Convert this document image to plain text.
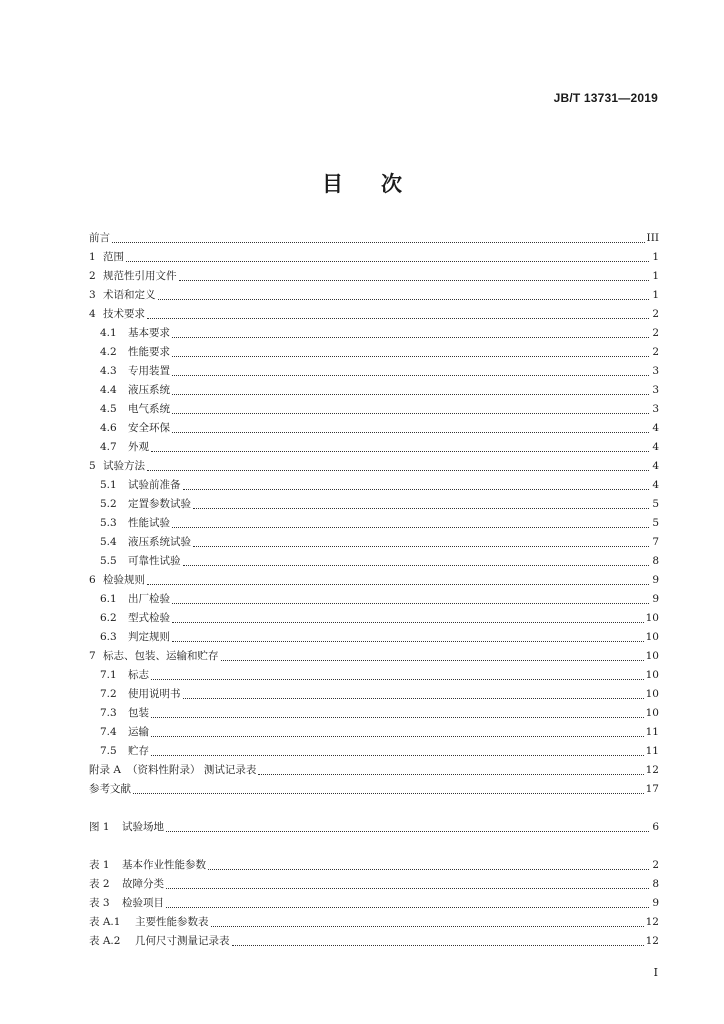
JB/T 13731—2019
目 次
前言	III
1 范围	1
2 规范性引用文件	1
3 术语和定义	1
4 技术要求	2
4.1	基本要求	2
4.2	性能要求	2
4.3	专用装置	3
4.4	液压系统	3
4.5	电气系统	3
4.6	安全环保	4
4.7	外观	4
5 试验方法	4
5.1	试验前准备	4
5.2	定置参数试验	5
5.3	性能试验	5
5.4	液压系统试验	7
5.5	可靠性试验	8
6 检验规则	9
6.1	出厂检验	9
6.2	型式检验	10
6.3	判定规则	10
7 标志、包装、运输和贮存	10
7.1	标志	10
7.2	使用说明书	10
7.3	包装	10
7.4	运输	11
7.5	贮存	11
附录 A （资料性附录） 测试记录表	12
参考文献	17
图 1	试验场地	6
表 1	基本作业性能参数	2
表 2	故障分类	8
表 3	检验项目	9
表 A.1	主要性能参数表	12
表 A.2	几何尺寸测量记录表	12
I
